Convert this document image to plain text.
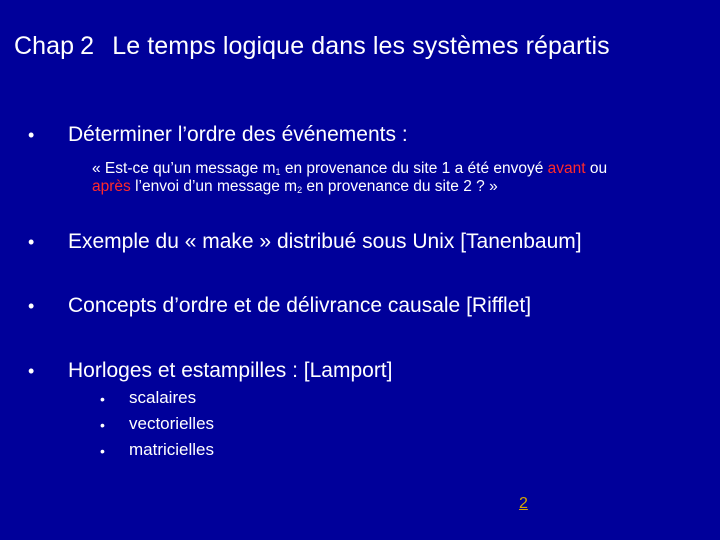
Chap 2 Le temps logique dans les systèmes répartis
• Déterminer l’ordre des événements :
« Est-ce qu’un message $m_1$ en provenance du site 1 a été envoyé avant ou
après l’envoi d’un message $m_2$ en provenance du site 2 ? »
• Exemple du « make » distribué sous Unix [Tanenbaum]
• Concepts d’ordre et de délivrance causale [Rifflet]
• Horloges et estampilles : [Lamport]
• scalaires
• vectorielles
• matricielles
2
